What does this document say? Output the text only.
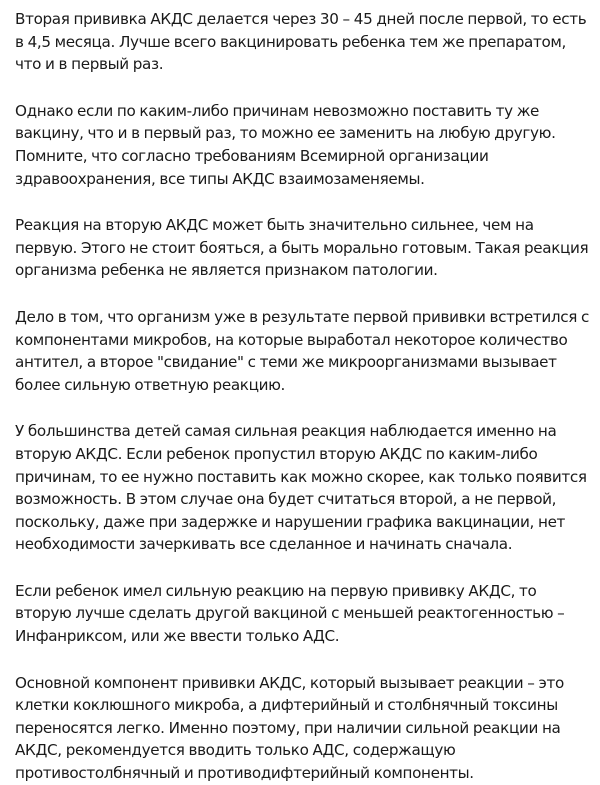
Вторая прививка АКДС делается через 30 – 45 дней после первой, то есть в 4,5 месяца. Лучше всего вакцинировать ребенка тем же препаратом, что и в первый раз.

Однако если по каким-либо причинам невозможно поставить ту же вакцину, что и в первый раз, то можно ее заменить на любую другую. Помните, что согласно требованиям Всемирной организации здравоохранения, все типы АКДС взаимозаменяемы.

Реакция на вторую АКДС может быть значительно сильнее, чем на первую. Этого не стоит бояться, а быть морально готовым. Такая реакция организма ребенка не является признаком патологии.

Дело в том, что организм уже в результате первой прививки встретился с компонентами микробов, на которые выработал некоторое количество антител, а второе "свидание" с теми же микроорганизмами вызывает более сильную ответную реакцию.

У большинства детей самая сильная реакция наблюдается именно на вторую АКДС. Если ребенок пропустил вторую АКДС по каким-либо причинам, то ее нужно поставить как можно скорее, как только появится возможность. В этом случае она будет считаться второй, а не первой, поскольку, даже при задержке и нарушении графика вакцинации, нет необходимости зачеркивать все сделанное и начинать сначала.

Если ребенок имел сильную реакцию на первую прививку АКДС, то вторую лучше сделать другой вакциной с меньшей реактогенностью – Инфанриксом, или же ввести только АДС.

Основной компонент прививки АКДС, который вызывает реакции – это клетки коклюшного микроба, а дифтерийный и столбнячный токсины переносятся легко. Именно поэтому, при наличии сильной реакции на АКДС, рекомендуется вводить только АДС, содержащую противостолбнячный и противодифтерийный компоненты.
